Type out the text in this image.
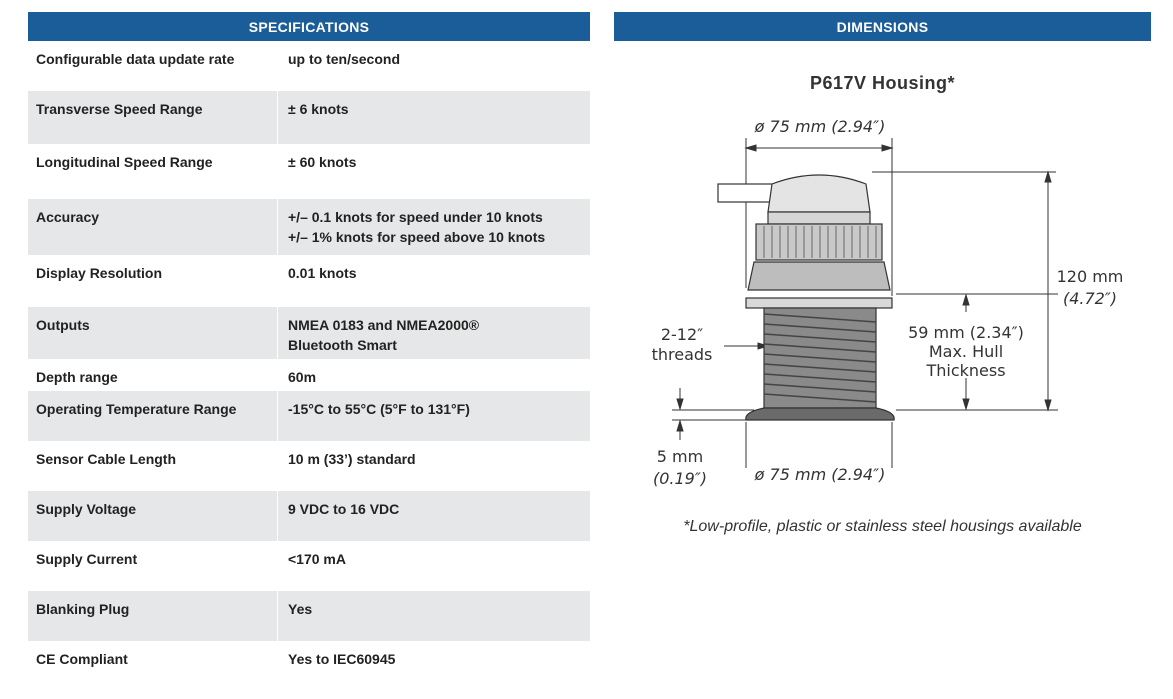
SPECIFICATIONS	DIMENSIONS
Configurable data update rate	up to ten/second
Transverse Speed Range	± 6 knots
Longitudinal Speed Range	± 60 knots
Accuracy	+/– 0.1 knots for speed under 10 knots
+/– 1% knots for speed above 10 knots
Display Resolution	0.01 knots
Outputs	NMEA 0183 and NMEA2000®
Bluetooth Smart
Depth range	60m
Operating Temperature Range	-15°C to 55°C (5°F to 131°F)
Sensor Cable Length	10 m (33’) standard
Supply Voltage	9 VDC to 16 VDC
Supply Current	<170 mA
Blanking Plug	Yes
CE Compliant	Yes to IEC60945
P617V Housing*
ø 75 mm (2.94″)
120 mm
(4.72″)
59 mm (2.34″)
Max. Hull
Thickness
2-12″
threads
5 mm
(0.19″)	ø 75 mm (2.94″)
*Low-profile, plastic or stainless steel housings available
